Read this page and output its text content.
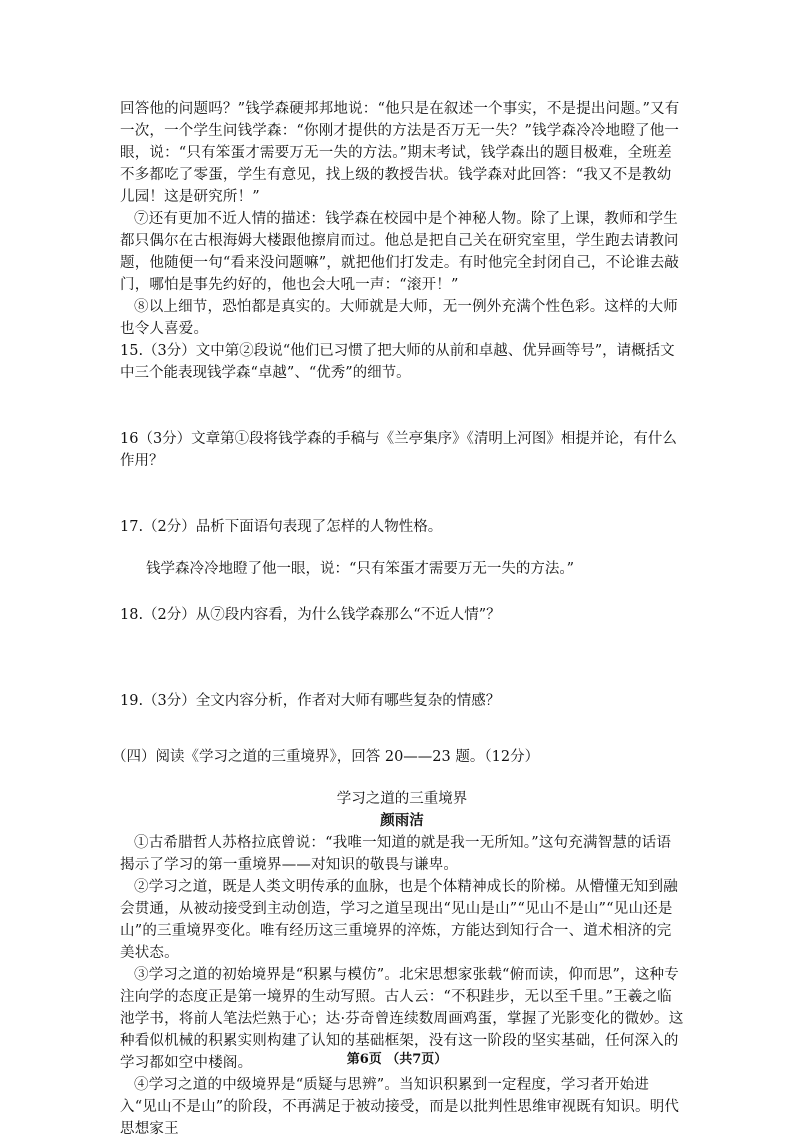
回答他的问题吗？”钱学森硬邦邦地说：“他只是在叙述一个事实，不是提出问题。”又有一次，一个学生问钱学森：“你刚才提供的方法是否万无一失？”钱学森冷冷地瞪了他一眼，说：“只有笨蛋才需要万无一失的方法。”期末考试，钱学森出的题目极难，全班差不多都吃了零蛋，学生有意见，找上级的教授告状。钱学森对此回答：“我又不是教幼儿园！这是研究所！”

⑦还有更加不近人情的描述：钱学森在校园中是个神秘人物。除了上课，教师和学生都只偶尔在古根海姆大楼跟他擦肩而过。他总是把自己关在研究室里，学生跑去请教问题，他随便一句“看来没问题嘛”，就把他们打发走。有时他完全封闭自己，不论谁去敲门，哪怕是事先约好的，他也会大吼一声：“滚开！”

⑧以上细节，恐怕都是真实的。大师就是大师，无一例外充满个性色彩。这样的大师也令人喜爱。

15.（3分）文中第②段说“他们已习惯了把大师的从前和卓越、优异画等号”，请概括文中三个能表现钱学森“卓越”、“优秀”的细节。

16（3分）文章第①段将钱学森的手稿与《兰亭集序》《清明上河图》相提并论，有什么作用？

17.（2分）品析下面语句表现了怎样的人物性格。

钱学森冷冷地瞪了他一眼，说：“只有笨蛋才需要万无一失的方法。”

18.（2分）从⑦段内容看，为什么钱学森那么“不近人情”？

19.（3分）全文内容分析，作者对大师有哪些复杂的情感？

（四）阅读《学习之道的三重境界》，回答 20——23 题。（12分）

学习之道的三重境界

颜雨洁

①古希腊哲人苏格拉底曾说：“我唯一知道的就是我一无所知。”这句充满智慧的话语揭示了学习的第一重境界——对知识的敬畏与谦卑。

②学习之道，既是人类文明传承的血脉，也是个体精神成长的阶梯。从懵懂无知到融会贯通，从被动接受到主动创造，学习之道呈现出“见山是山”“见山不是山”“见山还是山”的三重境界变化。唯有经历这三重境界的淬炼，方能达到知行合一、道术相济的完美状态。

③学习之道的初始境界是“积累与模仿”。北宋思想家张载“俯而读，仰而思”，这种专注向学的态度正是第一境界的生动写照。古人云：“不积跬步，无以至千里。”王羲之临池学书，将前人笔法烂熟于心；达·芬奇曾连续数周画鸡蛋，掌握了光影变化的微妙。这种看似机械的积累实则构建了认知的基础框架，没有这一阶段的坚实基础，任何深入的学习都如空中楼阁。

④学习之道的中级境界是“质疑与思辨”。当知识积累到一定程度，学习者开始进入“见山不是山”的阶段，不再满足于被动接受，而是以批判性思维审视既有知识。明代思想家王

第6页 （共7页）
